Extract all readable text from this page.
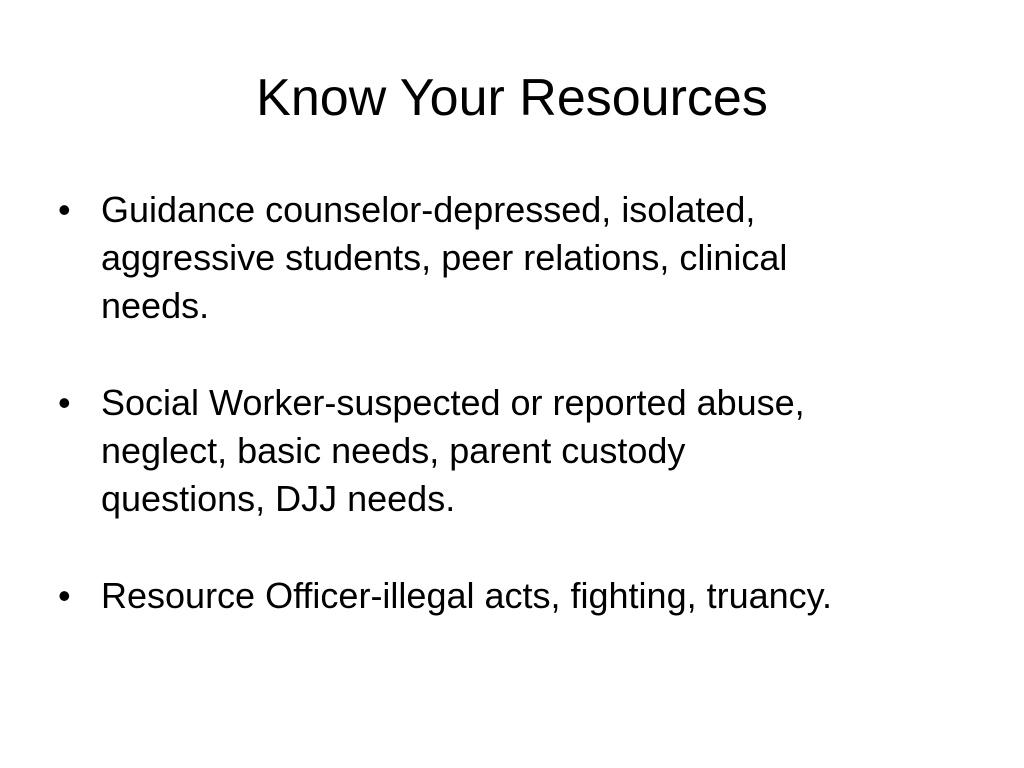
Know Your Resources
• Guidance counselor-depressed, isolated,
aggressive students, peer relations, clinical
needs.
• Social Worker-suspected or reported abuse,
neglect, basic needs, parent custody
questions, DJJ needs.
• Resource Officer-illegal acts, fighting, truancy.
